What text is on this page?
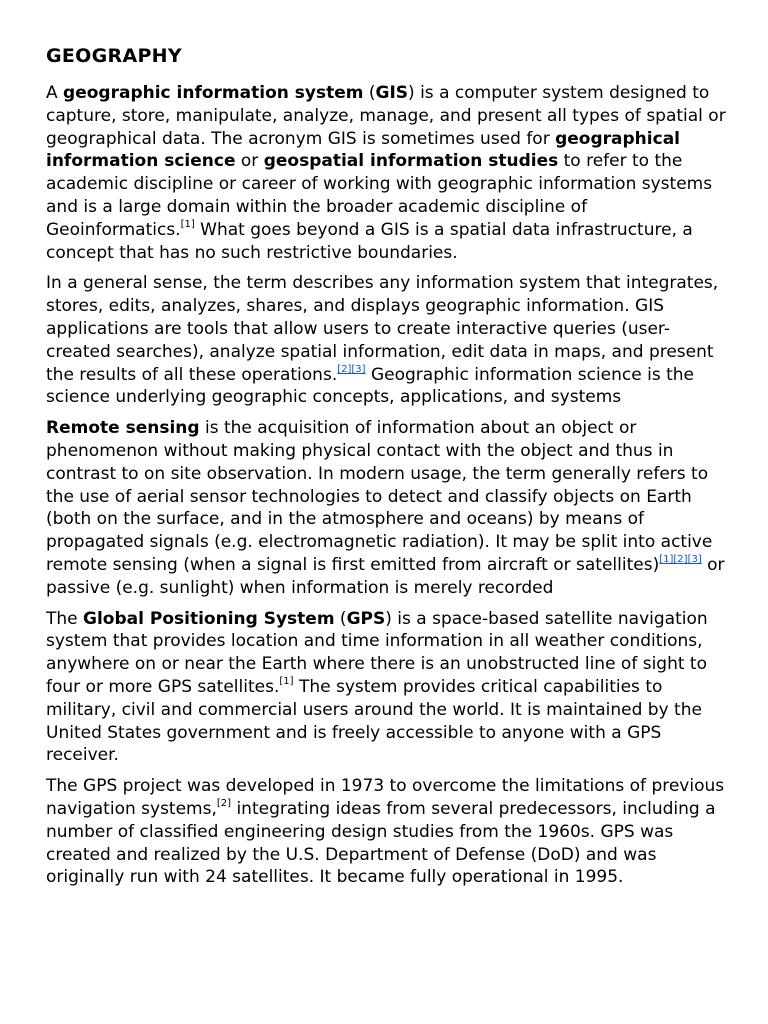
GEOGRAPHY

A geographic information system (GIS) is a computer system designed to capture, store, manipulate, analyze, manage, and present all types of spatial or geographical data. The acronym GIS is sometimes used for geographical information science or geospatial information studies to refer to the academic discipline or career of working with geographic information systems and is a large domain within the broader academic discipline of Geoinformatics.[1] What goes beyond a GIS is a spatial data infrastructure, a concept that has no such restrictive boundaries.

In a general sense, the term describes any information system that integrates, stores, edits, analyzes, shares, and displays geographic information. GIS applications are tools that allow users to create interactive queries (user-created searches), analyze spatial information, edit data in maps, and present the results of all these operations.[2][3] Geographic information science is the science underlying geographic concepts, applications, and systems

Remote sensing is the acquisition of information about an object or phenomenon without making physical contact with the object and thus in contrast to on site observation. In modern usage, the term generally refers to the use of aerial sensor technologies to detect and classify objects on Earth (both on the surface, and in the atmosphere and oceans) by means of propagated signals (e.g. electromagnetic radiation). It may be split into active remote sensing (when a signal is first emitted from aircraft or satellites)[1][2][3] or passive (e.g. sunlight) when information is merely recorded

The Global Positioning System (GPS) is a space-based satellite navigation system that provides location and time information in all weather conditions, anywhere on or near the Earth where there is an unobstructed line of sight to four or more GPS satellites.[1] The system provides critical capabilities to military, civil and commercial users around the world. It is maintained by the United States government and is freely accessible to anyone with a GPS receiver.

The GPS project was developed in 1973 to overcome the limitations of previous navigation systems,[2] integrating ideas from several predecessors, including a number of classified engineering design studies from the 1960s. GPS was created and realized by the U.S. Department of Defense (DoD) and was originally run with 24 satellites. It became fully operational in 1995.
